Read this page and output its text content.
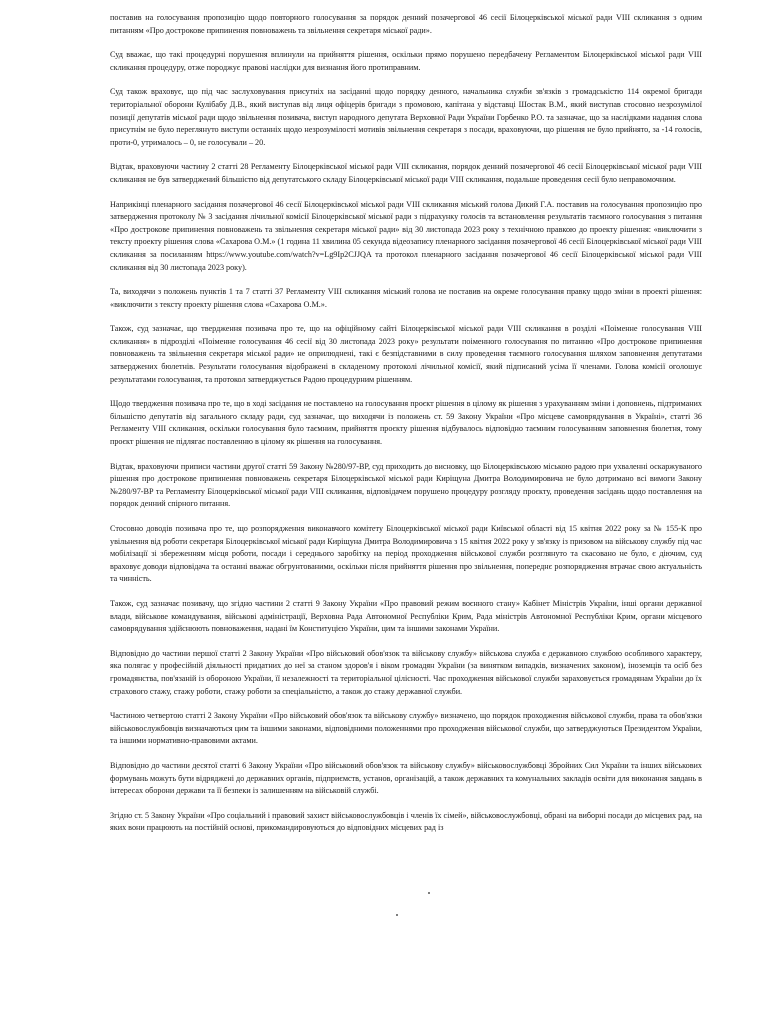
поставив на голосування пропозицію щодо повторного голосування за порядок денний позачергової 46 сесії Білоцерківської міської ради VIII скликання з одним питанням «Про дострокове припинення повноважень та звільнення секретаря міської ради».

Суд вважає, що такі процедурні порушення вплинули на прийняття рішення, оскільки прямо порушено передбачену Регламентом Білоцерківської міської ради VIII скликання процедуру, отже породжує правові наслідки для визнання його протиправним.

Суд також враховує, що під час заслуховування присутніх на засіданні щодо порядку денного, начальника служби зв'язків з громадськістю 114 окремої бригади територіальної оборони Кулібабу Д.В., який виступав від лиця офіцерів бригади з промовою, капітана у відставці Шостак В.М., який виступав стосовно незрозумілої позиції депутатів міської ради щодо звільнення позивача, виступ народного депутата Верховної Ради України Горбенко Р.О. та зазначає, що за наслідками надання слова присутнім не було переглянуто виступи останніх щодо незрозумілості мотивів звільнення секретаря з посади, враховуючи, що рішення не було прийнято, за -14 голосів, проти-0, утрималось – 0, не голосували – 20.

Відтак, враховуючи частину 2 статті 28 Регламенту Білоцерківської міської ради VIII скликання, порядок денний позачергової 46 сесії Білоцерківської міської ради VIII скликання не був затверджений більшістю від депутатського складу Білоцерківської міської ради VIII скликання, подальше проведення сесії було неправомочним.

Наприкінці пленарного засідання позачергової 46 сесії Білоцерківської міської ради VIII скликання міський голова Дикий Г.А. поставив на голосування пропозицію про затвердження протоколу № 3 засідання лічильної комісії Білоцерківської міської ради з підрахунку голосів та встановлення результатів таємного голосування з питання «Про дострокове припинення повноважень та звільнення секретаря міської ради» від 30 листопада 2023 року з технічною правкою до проекту рішення: «виключити з тексту проекту рішення слова «Сахарова О.М.» (1 година 11 хвилина 05 секунда відеозапису пленарного засідання позачергової 46 сесії Білоцерківської міської ради VIII скликання за посиланням https://www.youtube.com/watch?v=Lg9Ip2CJJQA та протокол пленарного засідання позачергової 46 сесії Білоцерківської міської ради VIII скликання від 30 листопада 2023 року).

Та, виходячи з положень пунктів 1 та 7 статті 37 Регламенту VIII скликання міський голова не поставив на окреме голосування правку щодо зміни в проекті рішення: «виключити з тексту проекту рішення слова «Сахарова О.М.».

Також, суд зазначає, що твердження позивача про те, що на офіційному сайті Білоцерківської міської ради VIII скликання в розділі «Поіменне голосування VIII скликання» в підрозділі «Поіменне голосування 46 сесії від 30 листопада 2023 року» результати поіменного голосування по питанню «Про дострокове припинення повноважень та звільнення секретаря міської ради» не оприлюднені, такі є безпідставними в силу проведення таємного голосування шляхом заповнення депутатами затверджених бюлетнів. Результати голосування відображені в складеному протоколі лічильної комісії, який підписаний усіма її членами. Голова комісії оголошує результатами голосування, та протокол затверджується Радою процедурним рішенням.

Щодо твердження позивача про те, що в ході засідання не поставлено на голосування проєкт рішення в цілому як рішення з урахуванням зміни і доповнень, підтриманих більшістю депутатів від загального складу ради, суд зазначає, що виходячи із положень ст. 59 Закону України «Про місцеве самоврядування в Україні», статті 36 Регламенту VIII скликання, оскільки голосування було таємним, прийняття проєкту рішення відбувалось відповідно таємним голосуванням заповнення бюлетня, тому проєкт рішення не підлягає поставленню в цілому як рішення на голосування.

Відтак, враховуючи приписи частини другої статті 59 Закону №280/97-ВР, суд приходить до висновку, що Білоцерківською міською радою при ухваленні оскаржуваного рішення про дострокове припинення повноважень секретаря Білоцерківської міської ради Киріщуна Дмитра Володимировича не було дотримано всі вимоги Закону №280/97-ВР та Регламенту Білоцерківської міської ради VIII скликання, відповідачем порушено процедуру розгляду проєкту, проведення засідань щодо поставлення на порядок денний спірного питання.

Стосовно доводів позивача про те, що розпорядження виконавчого комітету Білоцерківської міської ради Київської області від 15 квітня 2022 року за № 155-К про увільнення від роботи секретаря Білоцерківської міської ради Киріщуна Дмитра Володимировича з 15 квітня 2022 року у зв'язку із призовом на військову службу під час мобілізації зі збереженням місця роботи, посади і середнього заробітку на період проходження військової служби розглянуто та скасовано не було, є діючим, суд враховує доводи відповідача та останні вважає обгрунтованими, оскільки після прийняття рішення про звільнення, попереднє розпорядження втрачає свою актуальність та чинність.

Також, суд зазначає позивачу, що згідно частини 2 статті 9 Закону України «Про правовий режим воєнного стану» Кабінет Міністрів України, інші органи державної влади, військове командування, військові адміністрації, Верховна Рада Автономної Республіки Крим, Рада міністрів Автономної Республіки Крим, органи місцевого самоврядування здійснюють повноваження, надані їм Конституцією України, цим та іншими законами України.

Відповідно до частини першої статті 2 Закону України «Про військовий обов'язок та військову службу» військова служба є державною службою особливого характеру, яка полягає у професійній діяльності придатних до неї за станом здоров'я і віком громадян України (за винятком випадків, визначених законом), іноземців та осіб без громадянства, пов'язаній із обороною України, її незалежності та територіальної цілісності. Час проходження військової служби зараховується громадянам України до їх страхового стажу, стажу роботи, стажу роботи за спеціальністю, а також до стажу державної служби.

Частиною четвертою статті 2 Закону України «Про військовий обов'язок та військову службу» визначено, що порядок проходження військової служби, права та обов'язки військовослужбовців визначаються цим та іншими законами, відповідними положеннями про проходження військової служби, що затверджуються Президентом України, та іншими нормативно-правовими актами.

Відповідно до частини десятої статті 6 Закону України «Про військовий обов'язок та військову службу» військовослужбовці Збройних Сил України та інших військових формувань можуть бути відряджені до державних органів, підприємств, установ, організацій, а також державних та комунальних закладів освіти для виконання завдань в інтересах оборони держави та її безпеки із залишенням на військовій службі.

Згідно ст. 5 Закону України «Про соціальний і правовий захист військовослужбовців і членів їх сімей», військовослужбовці, обрані на виборні посади до місцевих рад, на яких вони працюють на постійній основі, прикомандировуються до відповідних місцевих рад із
